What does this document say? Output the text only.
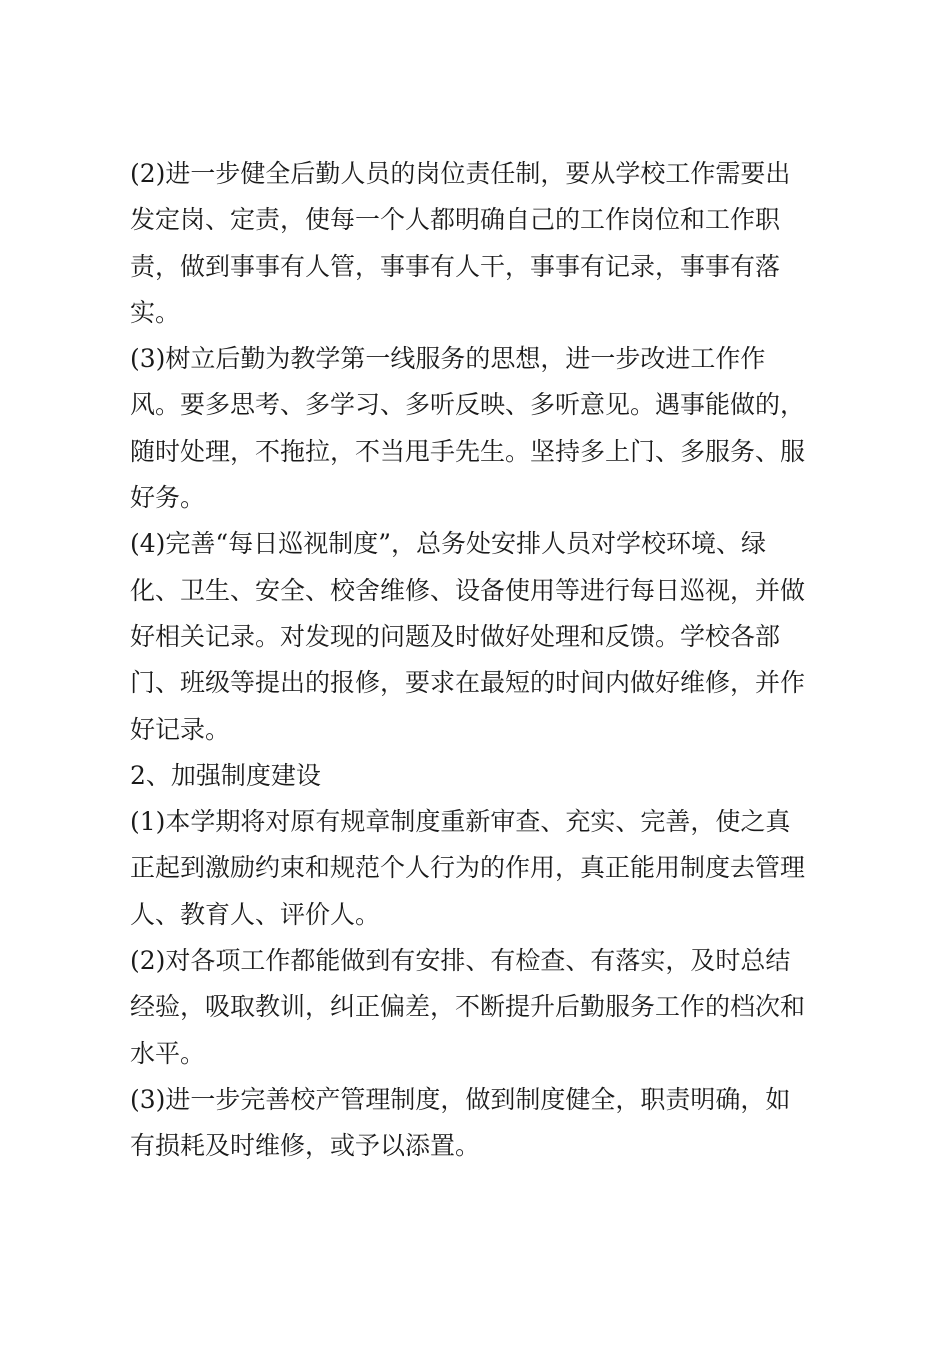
(2)进一步健全后勤人员的岗位责任制，要从学校工作需要出
发定岗、定责，使每一个人都明确自己的工作岗位和工作职
责，做到事事有人管，事事有人干，事事有记录，事事有落
实。
(3)树立后勤为教学第一线服务的思想，进一步改进工作作
风。要多思考、多学习、多听反映、多听意见。遇事能做的，
随时处理，不拖拉，不当甩手先生。坚持多上门、多服务、服
好务。
(4)完善“每日巡视制度”，总务处安排人员对学校环境、绿
化、卫生、安全、校舍维修、设备使用等进行每日巡视，并做
好相关记录。对发现的问题及时做好处理和反馈。学校各部
门、班级等提出的报修，要求在最短的时间内做好维修，并作
好记录。
2、加强制度建设
(1)本学期将对原有规章制度重新审查、充实、完善，使之真
正起到激励约束和规范个人行为的作用，真正能用制度去管理
人、教育人、评价人。
(2)对各项工作都能做到有安排、有检查、有落实，及时总结
经验，吸取教训，纠正偏差，不断提升后勤服务工作的档次和
水平。
(3)进一步完善校产管理制度，做到制度健全，职责明确，如
有损耗及时维修，或予以添置。
